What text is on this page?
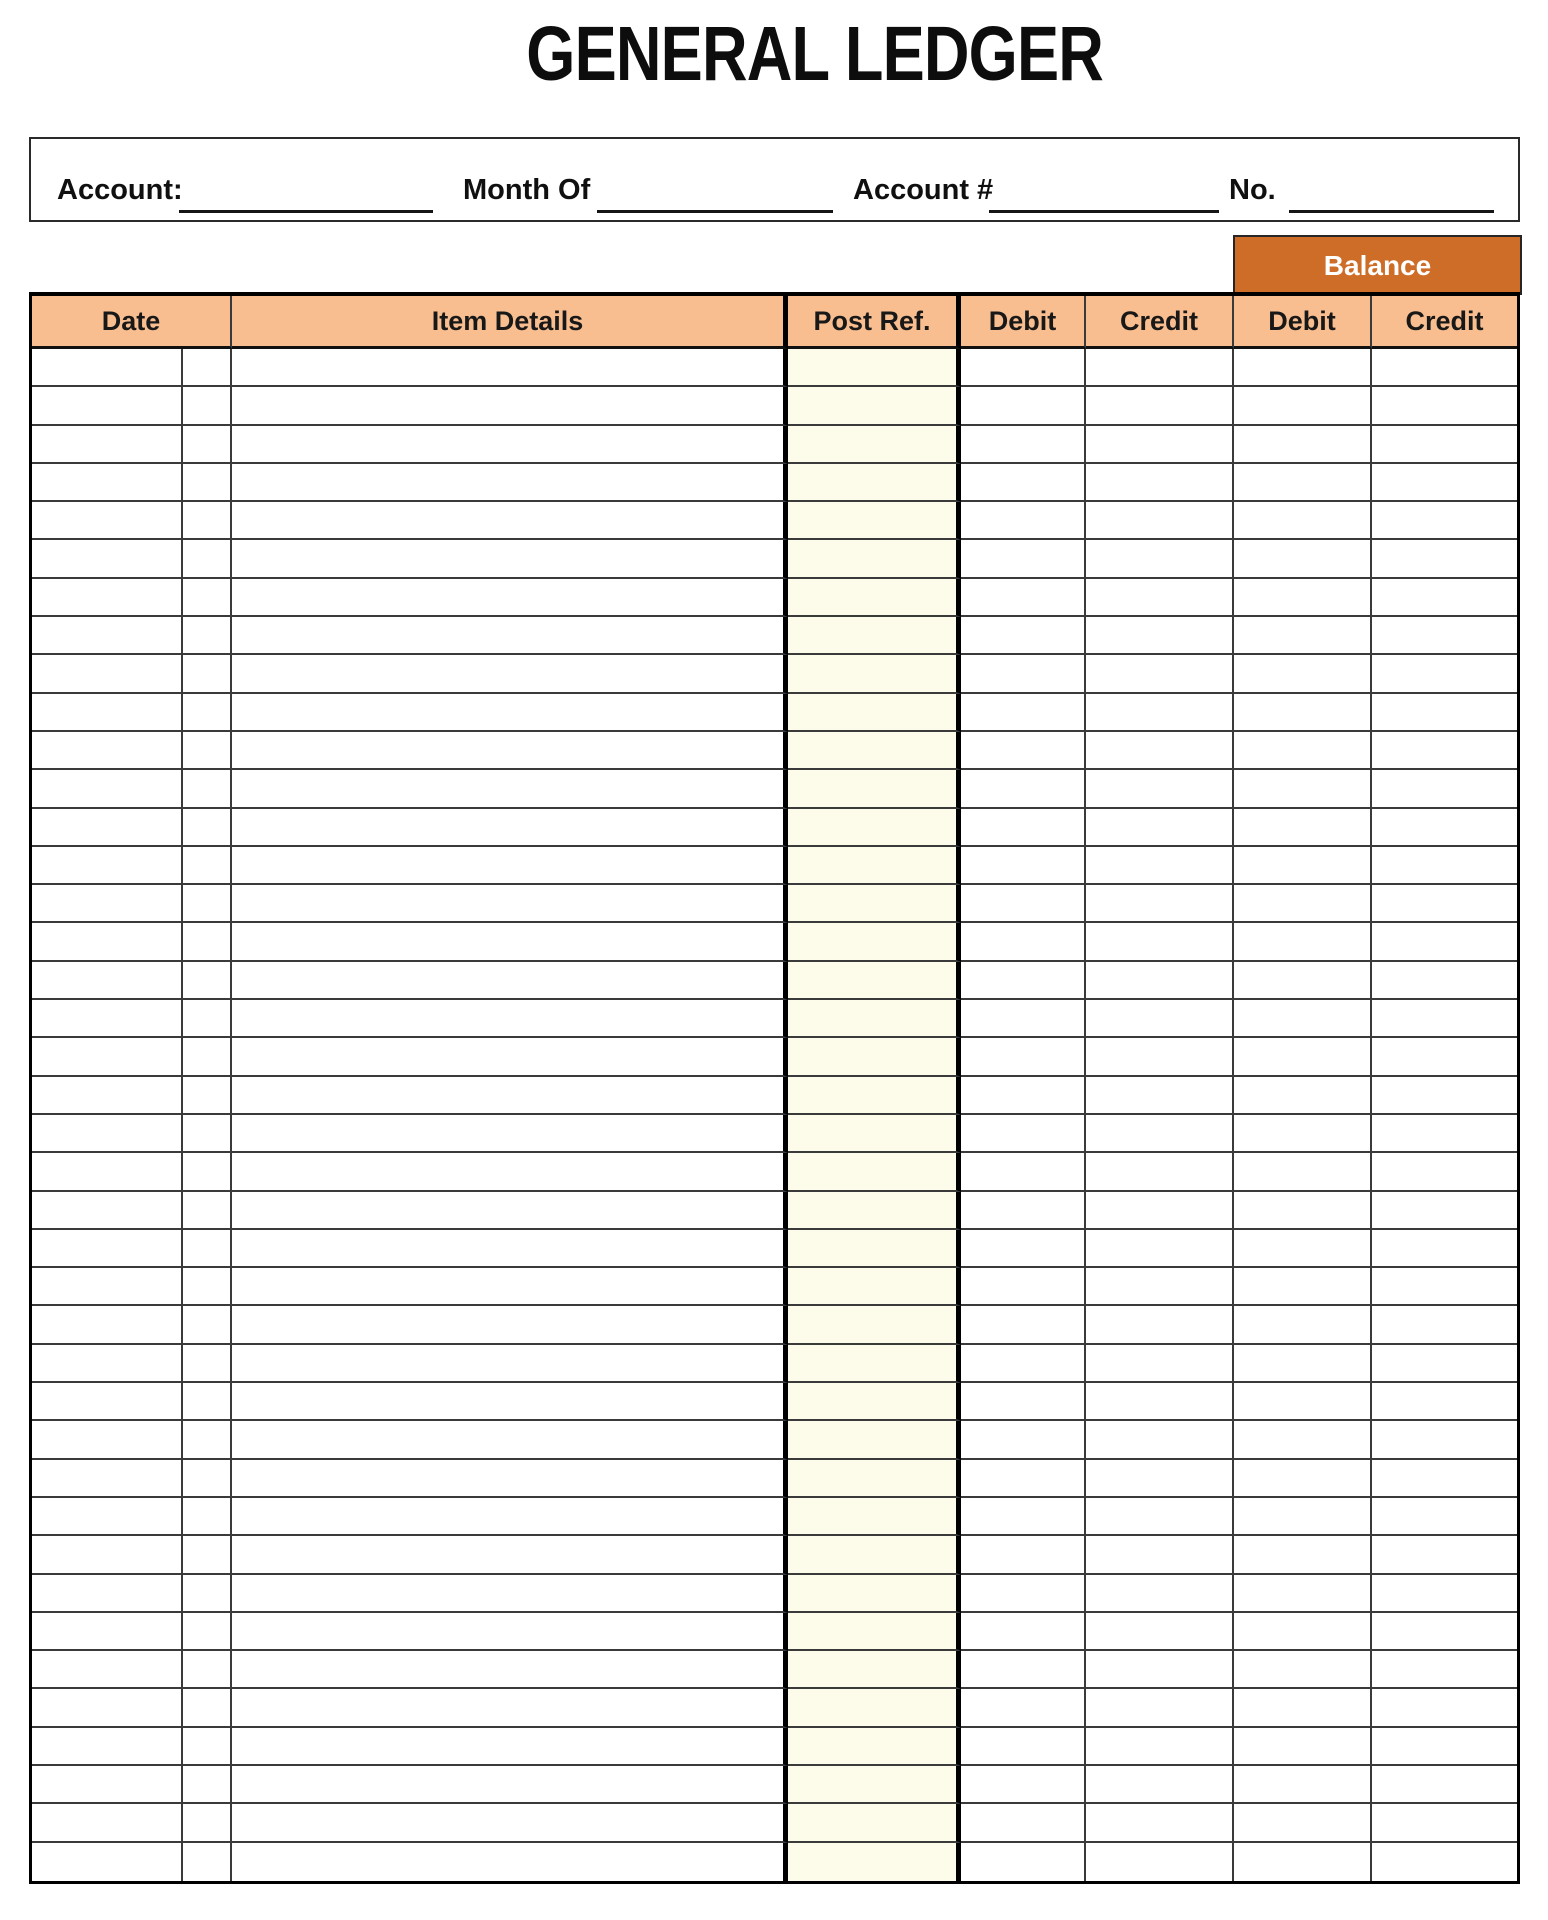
GENERAL LEDGER
Account:	Month Of	Account #	No.
Balance
Date	Item Details	Post Ref.	Debit	Credit	Debit	Credit
